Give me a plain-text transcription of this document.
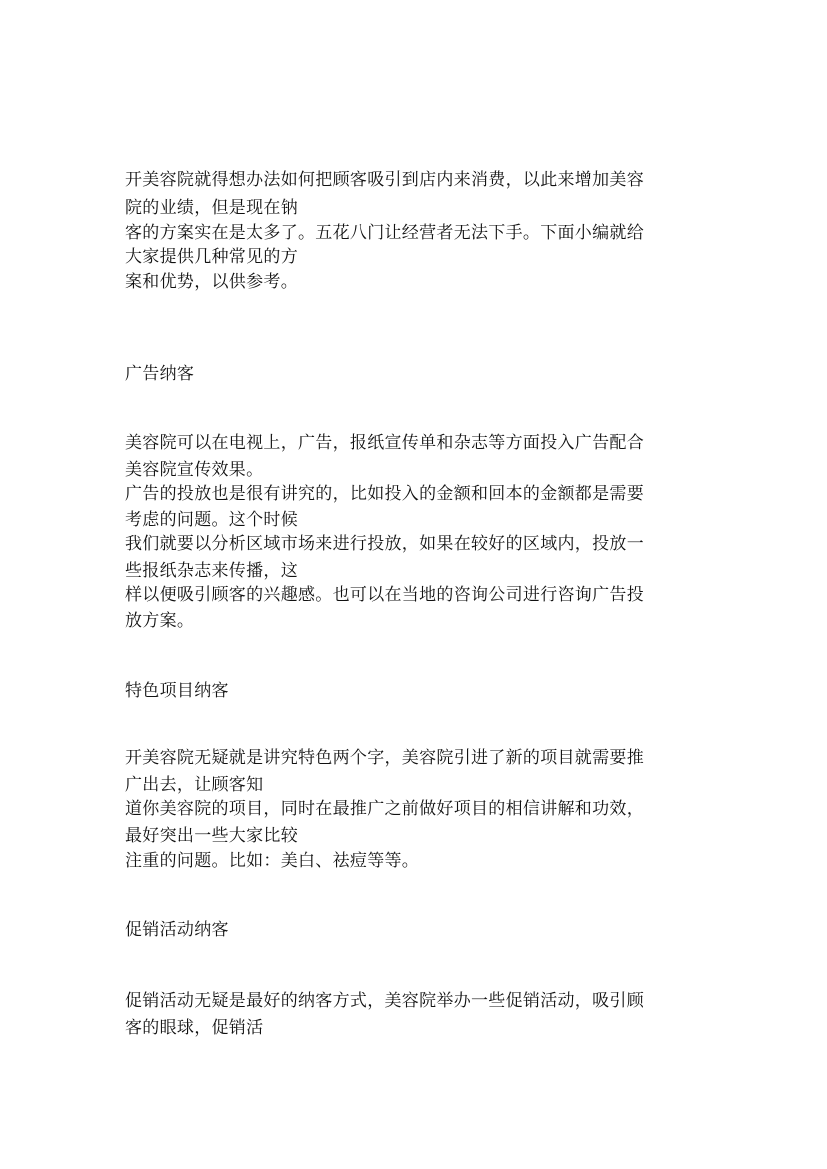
开美容院就得想办法如何把顾客吸引到店内来消费，以此来增加美容
院的业绩，但是现在钠
客的方案实在是太多了。五花八门让经营者无法下手。下面小编就给
大家提供几种常见的方
案和优势，以供参考。
广告纳客
美容院可以在电视上，广告，报纸宣传单和杂志等方面投入广告配合
美容院宣传效果。
广告的投放也是很有讲究的，比如投入的金额和回本的金额都是需要
考虑的问题。这个时候
我们就要以分析区域市场来进行投放，如果在较好的区域内，投放一
些报纸杂志来传播，这
样以便吸引顾客的兴趣感。也可以在当地的咨询公司进行咨询广告投
放方案。
特色项目纳客
开美容院无疑就是讲究特色两个字，美容院引进了新的项目就需要推
广出去，让顾客知
道你美容院的项目，同时在最推广之前做好项目的相信讲解和功效，
最好突出一些大家比较
注重的问题。比如：美白、祛痘等等。
促销活动纳客
促销活动无疑是最好的纳客方式，美容院举办一些促销活动，吸引顾
客的眼球，促销活
